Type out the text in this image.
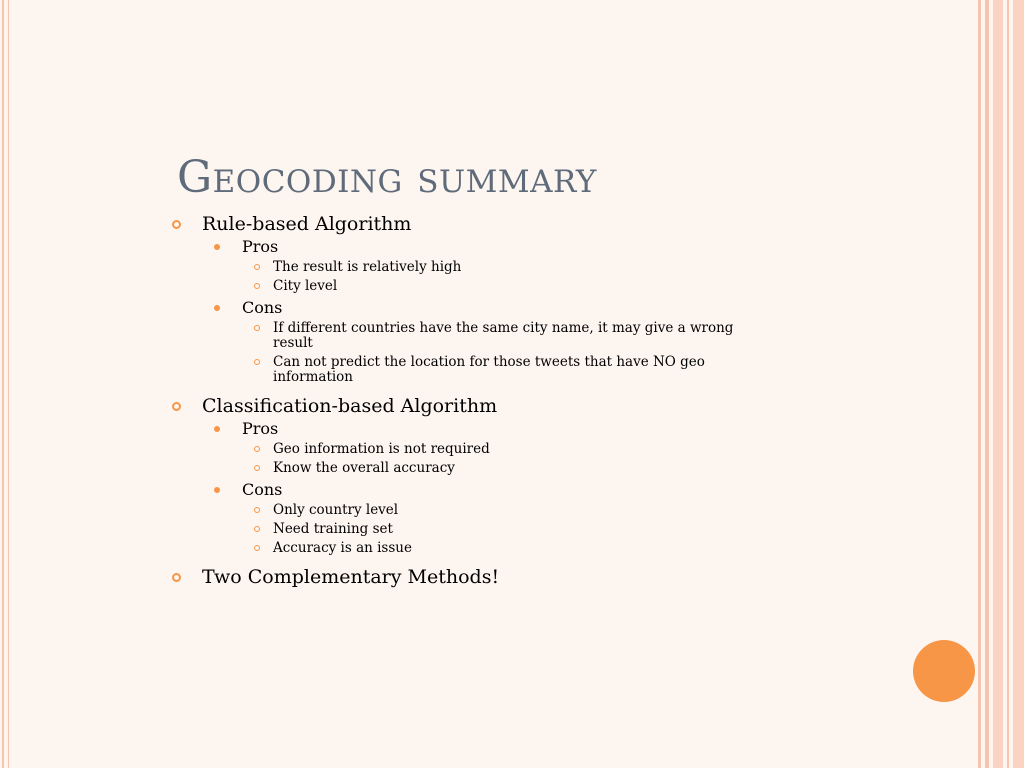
Geocoding summary
Rule-based Algorithm
Pros
The result is relatively high
City level
Cons
If different countries have the same city name, it may give a wrong result
Can not predict the location for those tweets that have NO geo information
Classification-based Algorithm
Pros
Geo information is not required
Know the overall accuracy
Cons
Only country level
Need training set
Accuracy is an issue
Two Complementary Methods!
